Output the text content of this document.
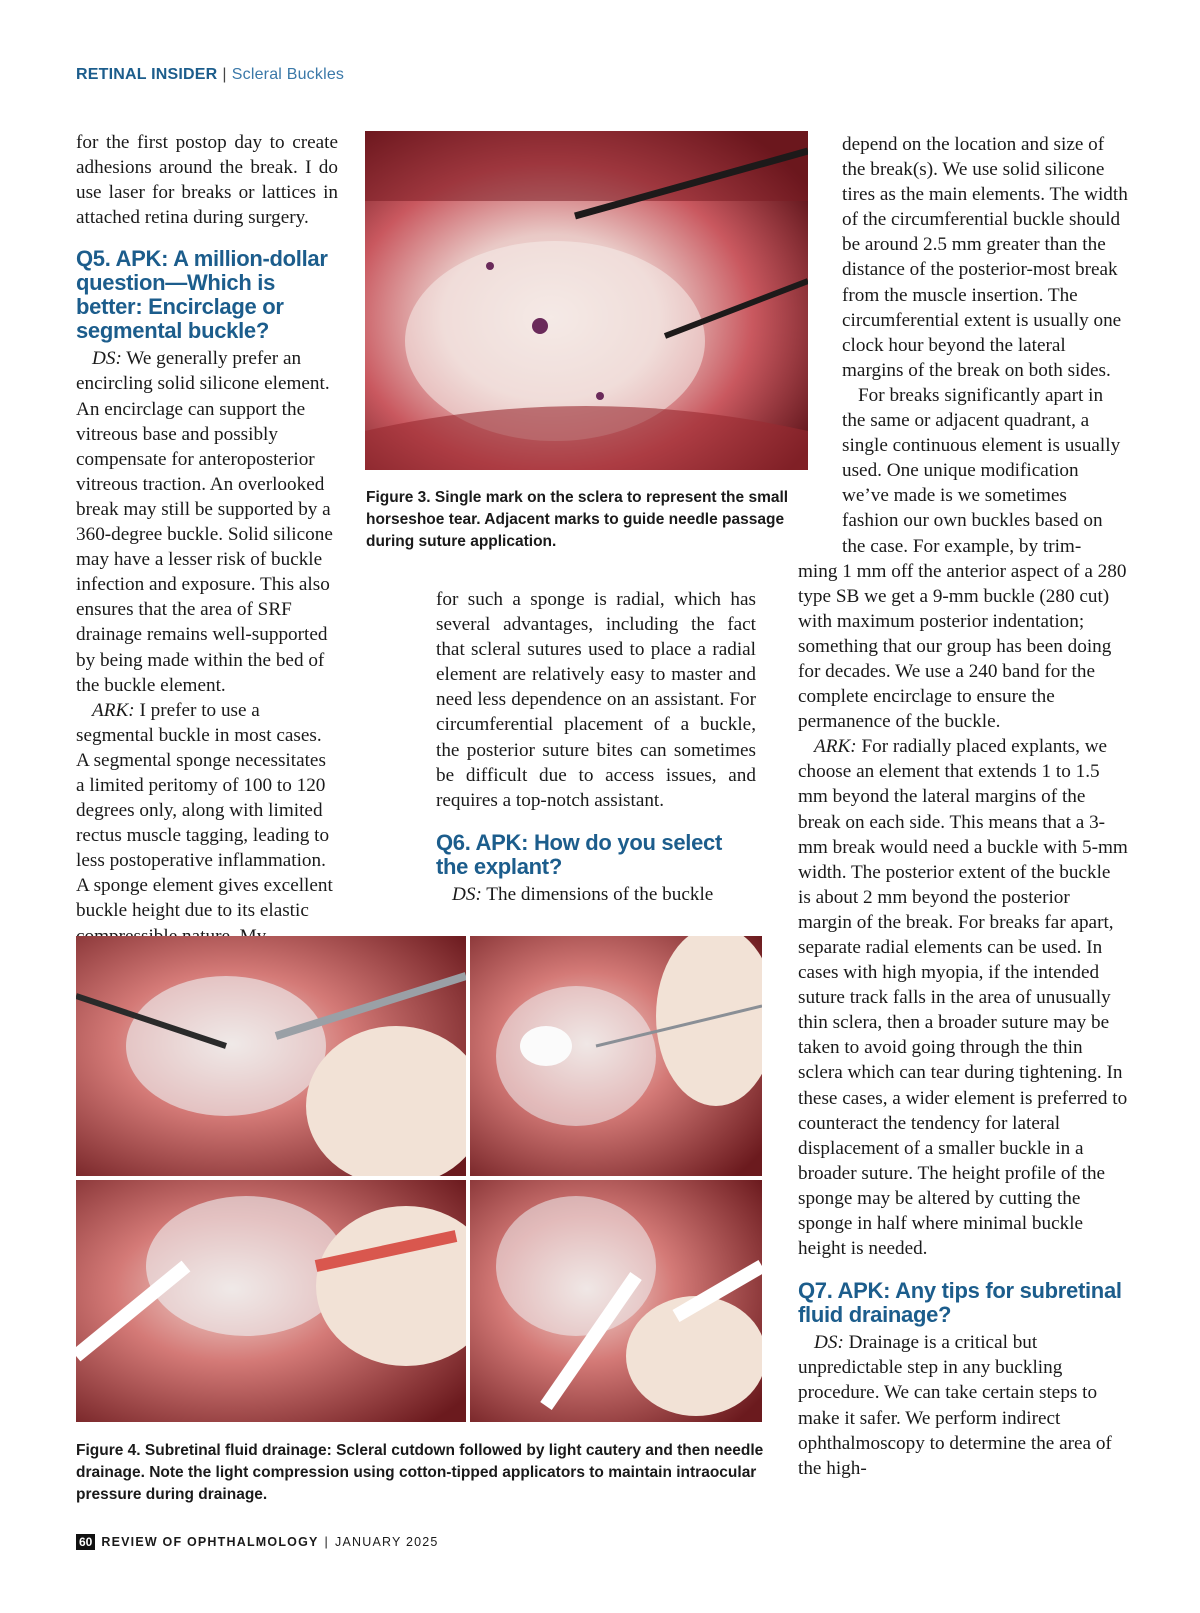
RETINAL INSIDER | Scleral Buckles

for the first postop day to create adhesions around the break. I do use laser for breaks or lattices in attached retina during surgery.

Q5. APK: A million-dollar question—Which is better: Encirclage or segmental buckle?

DS: We generally prefer an encircling solid silicone element. An encirclage can support the vitreous base and possibly compensate for anteroposterior vitreous traction. An overlooked break may still be supported by a 360-degree buckle. Solid silicone may have a lesser risk of buckle infection and exposure. This also ensures that the area of SRF drainage remains well-supported by being made within the bed of the buckle element.

ARK: I prefer to use a segmental buckle in most cases. A segmental sponge necessitates a limited peritomy of 100 to 120 degrees only, along with limited rectus muscle tagging, leading to less postoperative inflammation. A sponge element gives excellent buckle height due to its elastic

Figure 3. Single mark on the sclera to represent the small horseshoe tear. Adjacent marks to guide needle passage during suture application.

for such a sponge is radial, which has several advantages, including the fact that scleral sutures used to place a radial element are relatively easy to master and need less dependence on an assistant. For circumferential placement of a buckle, the posterior suture bites can sometimes be difficult due to access issues, and requires a top-notch assistant.

Q6. APK: How do you select the explant?

DS: The dimensions of the buckle

depend on the location and size of the break(s). We use solid silicone tires as the main elements. The width of the circumferential buckle should be around 2.5 mm greater than the distance of the posterior-most break from the muscle insertion. The circumferential extent is usually one clock hour beyond the lateral margins of the break on both sides.

For breaks significantly apart in the same or adjacent quadrant, a single continuous element is usually used. One unique modification we’ve made is we sometimes fashion our own buckles based on the case. For example, by trim-

ming 1 mm off the anterior aspect of a 280 type SB we get a 9-mm buckle (280 cut) with maximum posterior indentation; something that our group has been doing for decades. We use a 240 band for the complete encirclage to ensure the permanence of the buckle.

ARK: For radially placed explants, we choose an element that extends 1 to 1.5 mm beyond the lateral margins of the break on each side. This means that a 3-mm break would need a buckle with 5-mm width. The posterior extent of the buckle is about 2 mm beyond the posterior margin of the break. For breaks far apart, separate radial elements can be used. In cases with high myopia, if the intended suture track falls in the area of unusually thin sclera, then a broader suture may be taken to avoid going through the thin sclera which can tear during tightening. In these cases, a wider element is preferred to counteract the tendency for lateral displacement of a smaller buckle in a broader suture. The height profile of the sponge may be altered by cutting the sponge in half where minimal buckle height is needed.

Q7. APK: Any tips for subretinal fluid drainage?

DS: Drainage is a critical but unpredictable step in any buckling procedure. We can take certain steps to make it safer. We perform indirect ophthalmoscopy to determine the area of the high-

Figure 4. Subretinal fluid drainage: Scleral cutdown followed by light cautery and then needle drainage. Note the light compression using cotton-tipped applicators to maintain intraocular pressure during drainage.

60 REVIEW OF OPHTHALMOLOGY | JANUARY 2025
